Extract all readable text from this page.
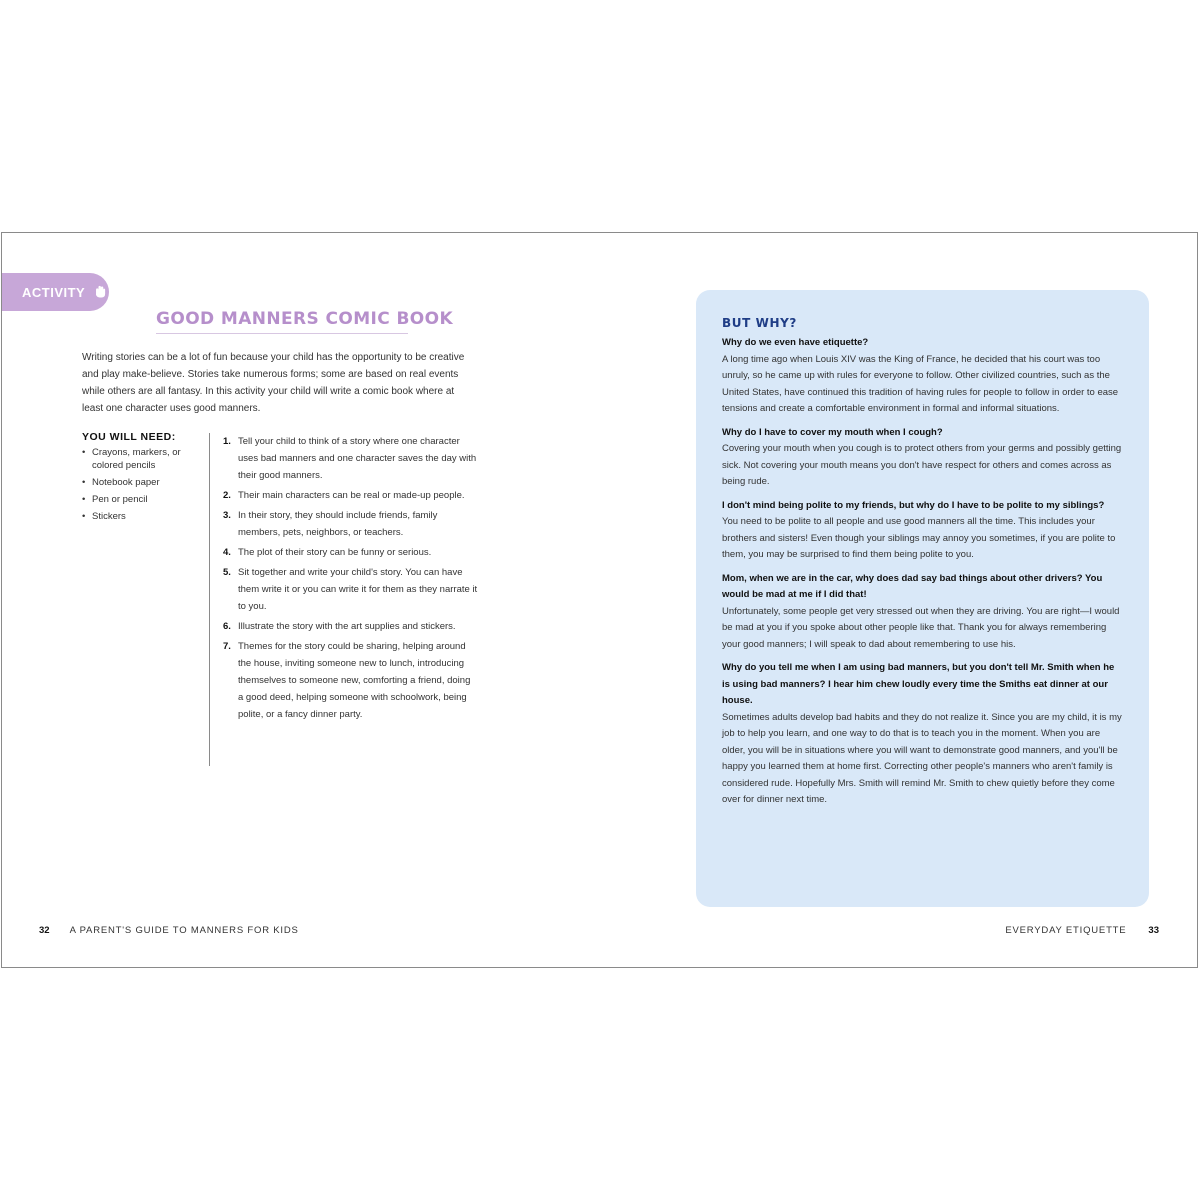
ACTIVITY
GOOD MANNERS COMIC BOOK

Writing stories can be a lot of fun because your child has the opportunity to be creative and play make-believe. Stories take numerous forms; some are based on real events while others are all fantasy. In this activity your child will write a comic book where at least one character uses good manners.

YOU WILL NEED:
• Crayons, markers, or colored pencils
• Notebook paper
• Pen or pencil
• Stickers
1. Tell your child to think of a story where one character uses bad manners and one character saves the day with their good manners.
2. Their main characters can be real or made-up people.
3. In their story, they should include friends, family members, pets, neighbors, or teachers.
4. The plot of their story can be funny or serious.
5. Sit together and write your child's story. You can have them write it or you can write it for them as they narrate it to you.
6. Illustrate the story with the art supplies and stickers.
7. Themes for the story could be sharing, helping around the house, inviting someone new to lunch, introducing themselves to someone new, comforting a friend, doing a good deed, helping someone with schoolwork, being polite, or a fancy dinner party.
32 A PARENT'S GUIDE TO MANNERS FOR KIDS
BUT WHY?

Why do we even have etiquette?

A long time ago when Louis XIV was the King of France, he decided that his court was too unruly, so he came up with rules for everyone to follow. Other civilized countries, such as the United States, have continued this tradition of having rules for people to follow in order to ease tensions and create a comfortable environment in formal and informal situations.

Why do I have to cover my mouth when I cough?

Covering your mouth when you cough is to protect others from your germs and possibly getting sick. Not covering your mouth means you don't have respect for others and comes across as being rude.

I don't mind being polite to my friends, but why do I have to be polite to my siblings?

You need to be polite to all people and use good manners all the time. This includes your brothers and sisters! Even though your siblings may annoy you sometimes, if you are polite to them, you may be surprised to find them being polite to you.

Mom, when we are in the car, why does dad say bad things about other drivers? You would be mad at me if I did that!

Unfortunately, some people get very stressed out when they are driving. You are right—I would be mad at you if you spoke about other people like that. Thank you for always remembering your good manners; I will speak to dad about remembering to use his.

Why do you tell me when I am using bad manners, but you don't tell Mr. Smith when he is using bad manners? I hear him chew loudly every time the Smiths eat dinner at our house.

Sometimes adults develop bad habits and they do not realize it. Since you are my child, it is my job to help you learn, and one way to do that is to teach you in the moment. When you are older, you will be in situations where you will want to demonstrate good manners, and you'll be happy you learned them at home first. Correcting other people's manners who aren't family is considered rude. Hopefully Mrs. Smith will remind Mr. Smith to chew quietly before they come over for dinner next time.

EVERYDAY ETIQUETTE 33
